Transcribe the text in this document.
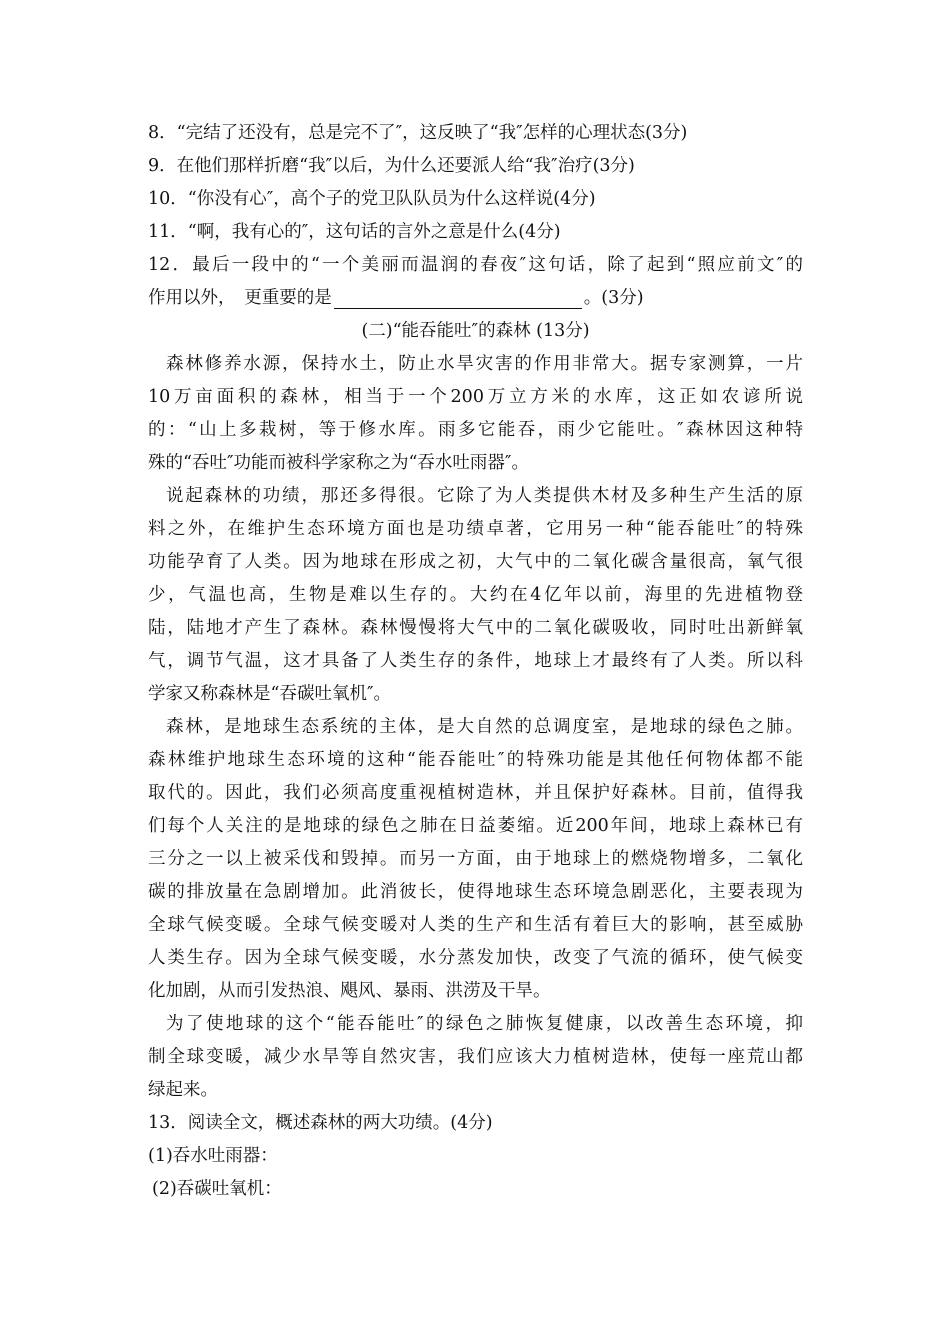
8．“完结了还没有，总是完不了″，这反映了“我″怎样的心理状态(3分)
9．在他们那样折磨“我″以后，为什么还要派人给“我″治疗(3分)
10．“你没有心″，高个子的党卫队队员为什么这样说(4分)
11．“啊，我有心的″，这句话的言外之意是什么(4分)
12．最后一段中的“一个美丽而温润的春夜″这句话，除了起到“照应前文″的
作用以外，　更重要的是	。(3分)
(二)“能吞能吐″的森林 (13分)
森林修养水源，保持水土，防止水旱灾害的作用非常大。据专家测算，一片
10万亩面积的森林，相当于一个200万立方米的水库，这正如农谚所说
的：“山上多栽树，等于修水库。雨多它能吞，雨少它能吐。″森林因这种特
殊的“吞吐″功能而被科学家称之为“吞水吐雨器″。
说起森林的功绩，那还多得很。它除了为人类提供木材及多种生产生活的原
料之外，在维护生态环境方面也是功绩卓著，它用另一种“能吞能吐″的特殊
功能孕育了人类。因为地球在形成之初，大气中的二氧化碳含量很高，氧气很
少，气温也高，生物是难以生存的。大约在4亿年以前，海里的先进植物登
陆，陆地才产生了森林。森林慢慢将大气中的二氧化碳吸收，同时吐出新鲜氧
气，调节气温，这才具备了人类生存的条件，地球上才最终有了人类。所以科
学家又称森林是“吞碳吐氧机″。
森林，是地球生态系统的主体，是大自然的总调度室，是地球的绿色之肺。
森林维护地球生态环境的这种“能吞能吐″的特殊功能是其他任何物体都不能
取代的。因此，我们必须高度重视植树造林，并且保护好森林。目前，值得我
们每个人关注的是地球的绿色之肺在日益萎缩。近200年间，地球上森林已有
三分之一以上被采伐和毁掉。而另一方面，由于地球上的燃烧物增多，二氧化
碳的排放量在急剧增加。此消彼长，使得地球生态环境急剧恶化，主要表现为
全球气候变暖。全球气候变暖对人类的生产和生活有着巨大的影响，甚至威胁
人类生存。因为全球气候变暖，水分蒸发加快，改变了气流的循环，使气候变
化加剧，从而引发热浪、飓风、暴雨、洪涝及干旱。
为了使地球的这个“能吞能吐″的绿色之肺恢复健康，以改善生态环境，抑
制全球变暖，减少水旱等自然灾害，我们应该大力植树造林，使每一座荒山都
绿起来。
13．阅读全文，概述森林的两大功绩。(4分)
(1)吞水吐雨器：
(2)吞碳吐氧机：
